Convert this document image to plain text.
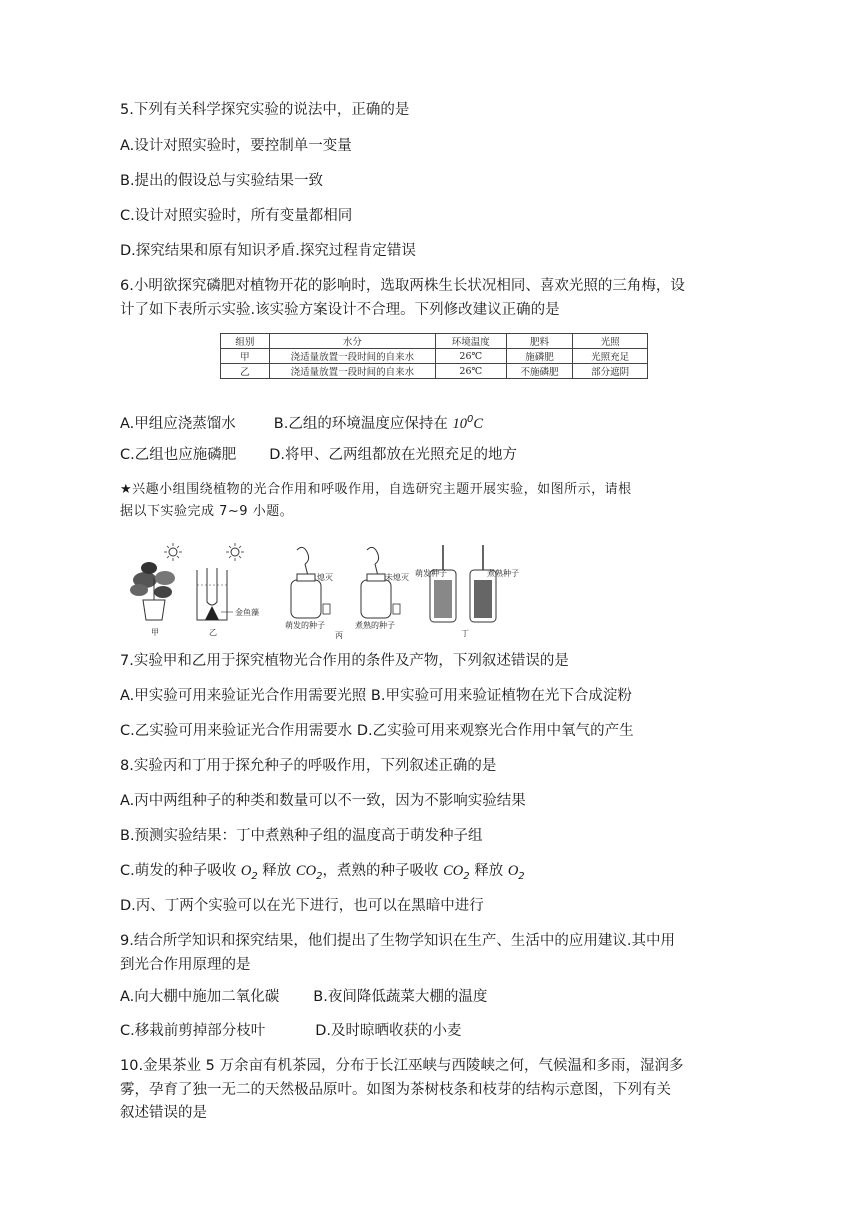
5.下列有关科学探究实验的说法中，正确的是
A.设计对照实验时，要控制单一变量
B.提出的假设总与实验结果一致
C.设计对照实验时，所有变量都相同
D.探究结果和原有知识矛盾.探究过程肯定错误
6.小明欲探究磷肥对植物开花的影响时，选取两株生长状况相同、喜欢光照的三角梅，设
计了如下表所示实验.该实验方案设计不合理。下列修改建议正确的是
组别	水分	环境温度	肥料	光照
甲	浇适量放置一段时间的自来水	26℃	施磷肥	光照充足
乙	浇适量放置一段时间的自来水	26℃	不施磷肥	部分遮阴
A.甲组应浇蒸馏水	B.乙组的环境温度应保持在 $10^0C$
C.乙组也应施磷肥 D.将甲、乙两组都放在光照充足的地方
★兴趣小组围绕植物的光合作用和呼吸作用，自选研究主题开展实验，如图所示，请根
据以下实验完成 7~9 小题。
甲
金鱼藻
乙
熄灭
萌发的种子
未熄灭
煮熟的种子
丙
萌发种子	煮熟种子
丁
7.实验甲和乙用于探究植物光合作用的条件及产物，下列叙述错误的是
A.甲实验可用来验证光合作用需要光照 B.甲实验可用来验证植物在光下合成淀粉
C.乙实验可用来验证光合作用需要水 D.乙实验可用来观察光合作用中氧气的产生
8.实验丙和丁用于探允种子的呼吸作用，下列叙述正确的是
A.丙中两组种子的种类和数量可以不一致，因为不影响实验结果
B.预测实验结果：丁中煮熟种子组的温度高于萌发种子组
C.萌发的种子吸收 $O_2$ 释放 $CO_2$，煮熟的种子吸收 $CO_2$ 释放 $O_2$
D.丙、丁两个实验可以在光下进行，也可以在黑暗中进行
9.结合所学知识和探究结果，他们提出了生物学知识在生产、生活中的应用建议.其中用
到光合作用原理的是
A.向大棚中施加二氧化碳 B.夜间降低蔬菜大棚的温度
C.移栽前剪掉部分枝叶	D.及时晾晒收获的小麦
10.金果茶业 5 万余亩有机茶园，分布于长江巫峡与西陵峡之何，气候温和多雨，湿润多
雾，孕育了独一无二的天然极品原叶。如图为茶树枝条和枝芽的结构示意图，下列有关
叙述错误的是
